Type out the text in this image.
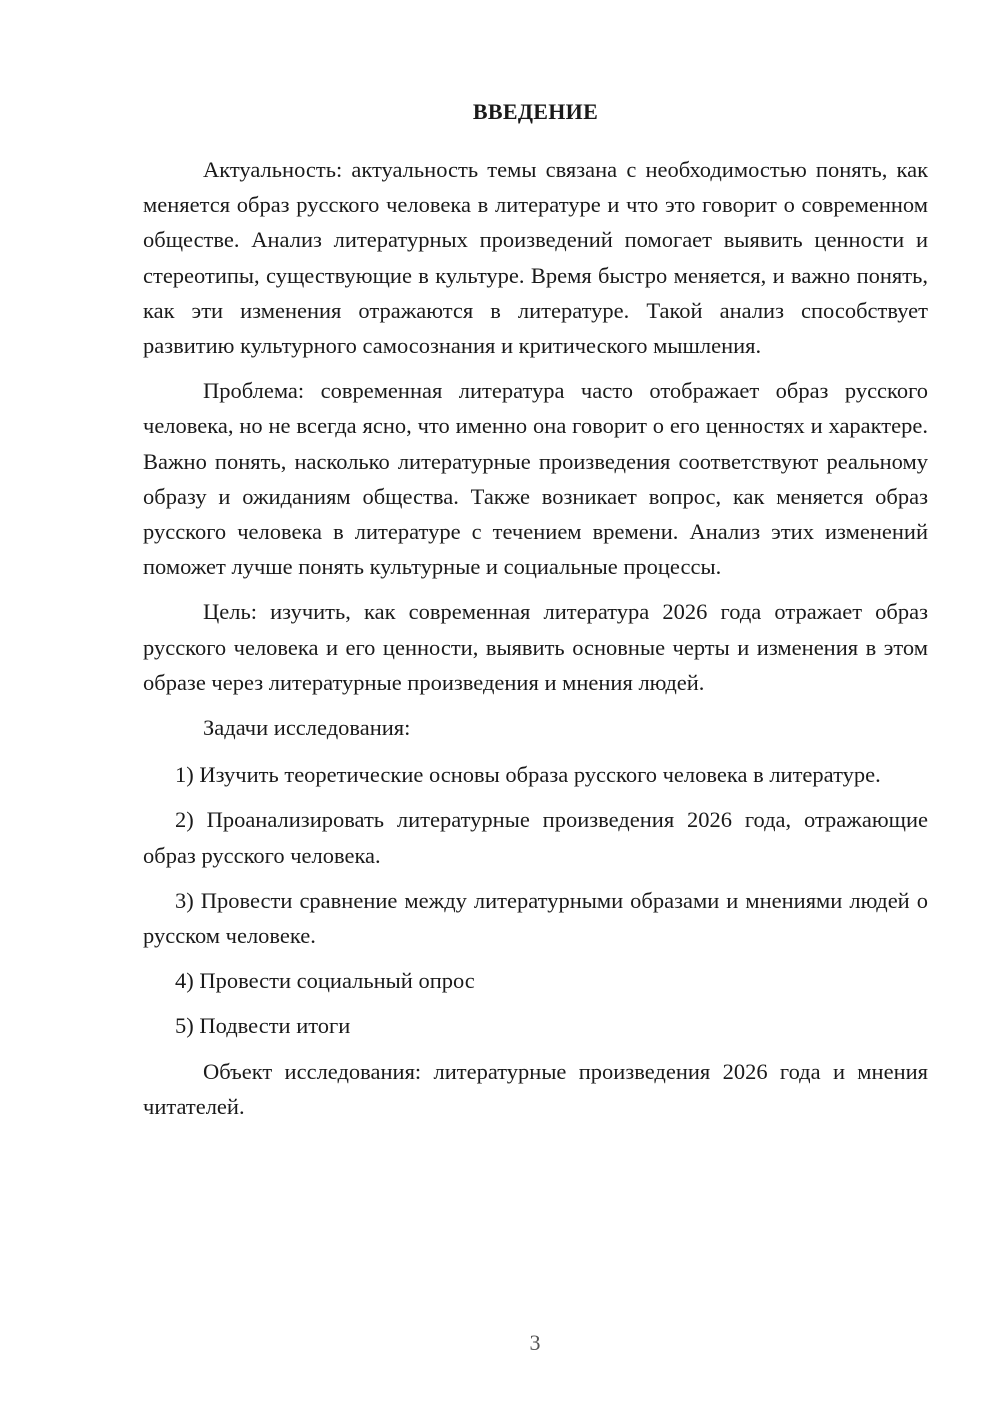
ВВЕДЕНИЕ

Актуальность: актуальность темы связана с необходимостью понять, как меняется образ русского человека в литературе и что это говорит о современном обществе. Анализ литературных произведений помогает выявить ценности и стереотипы, существующие в культуре. Время быстро меняется, и важно понять, как эти изменения отражаются в литературе. Такой анализ способствует развитию культурного самосознания и критического мышления.

Проблема: современная литература часто отображает образ русского человека, но не всегда ясно, что именно она говорит о его ценностях и характере. Важно понять, насколько литературные произведения соответствуют реальному образу и ожиданиям общества. Также возникает вопрос, как меняется образ русского человека в литературе с течением времени. Анализ этих изменений поможет лучше понять культурные и социальные процессы.

Цель: изучить, как современная литература 2026 года отражает образ русского человека и его ценности, выявить основные черты и изменения в этом образе через литературные произведения и мнения людей.

Задачи исследования:

1) Изучить теоретические основы образа русского человека в литературе.

2) Проанализировать литературные произведения 2026 года, отражающие образ русского человека.

3) Провести сравнение между литературными образами и мнениями людей о русском человеке.

4) Провести социальный опрос

5) Подвести итоги

Объект исследования: литературные произведения 2026 года и мнения читателей.

3
